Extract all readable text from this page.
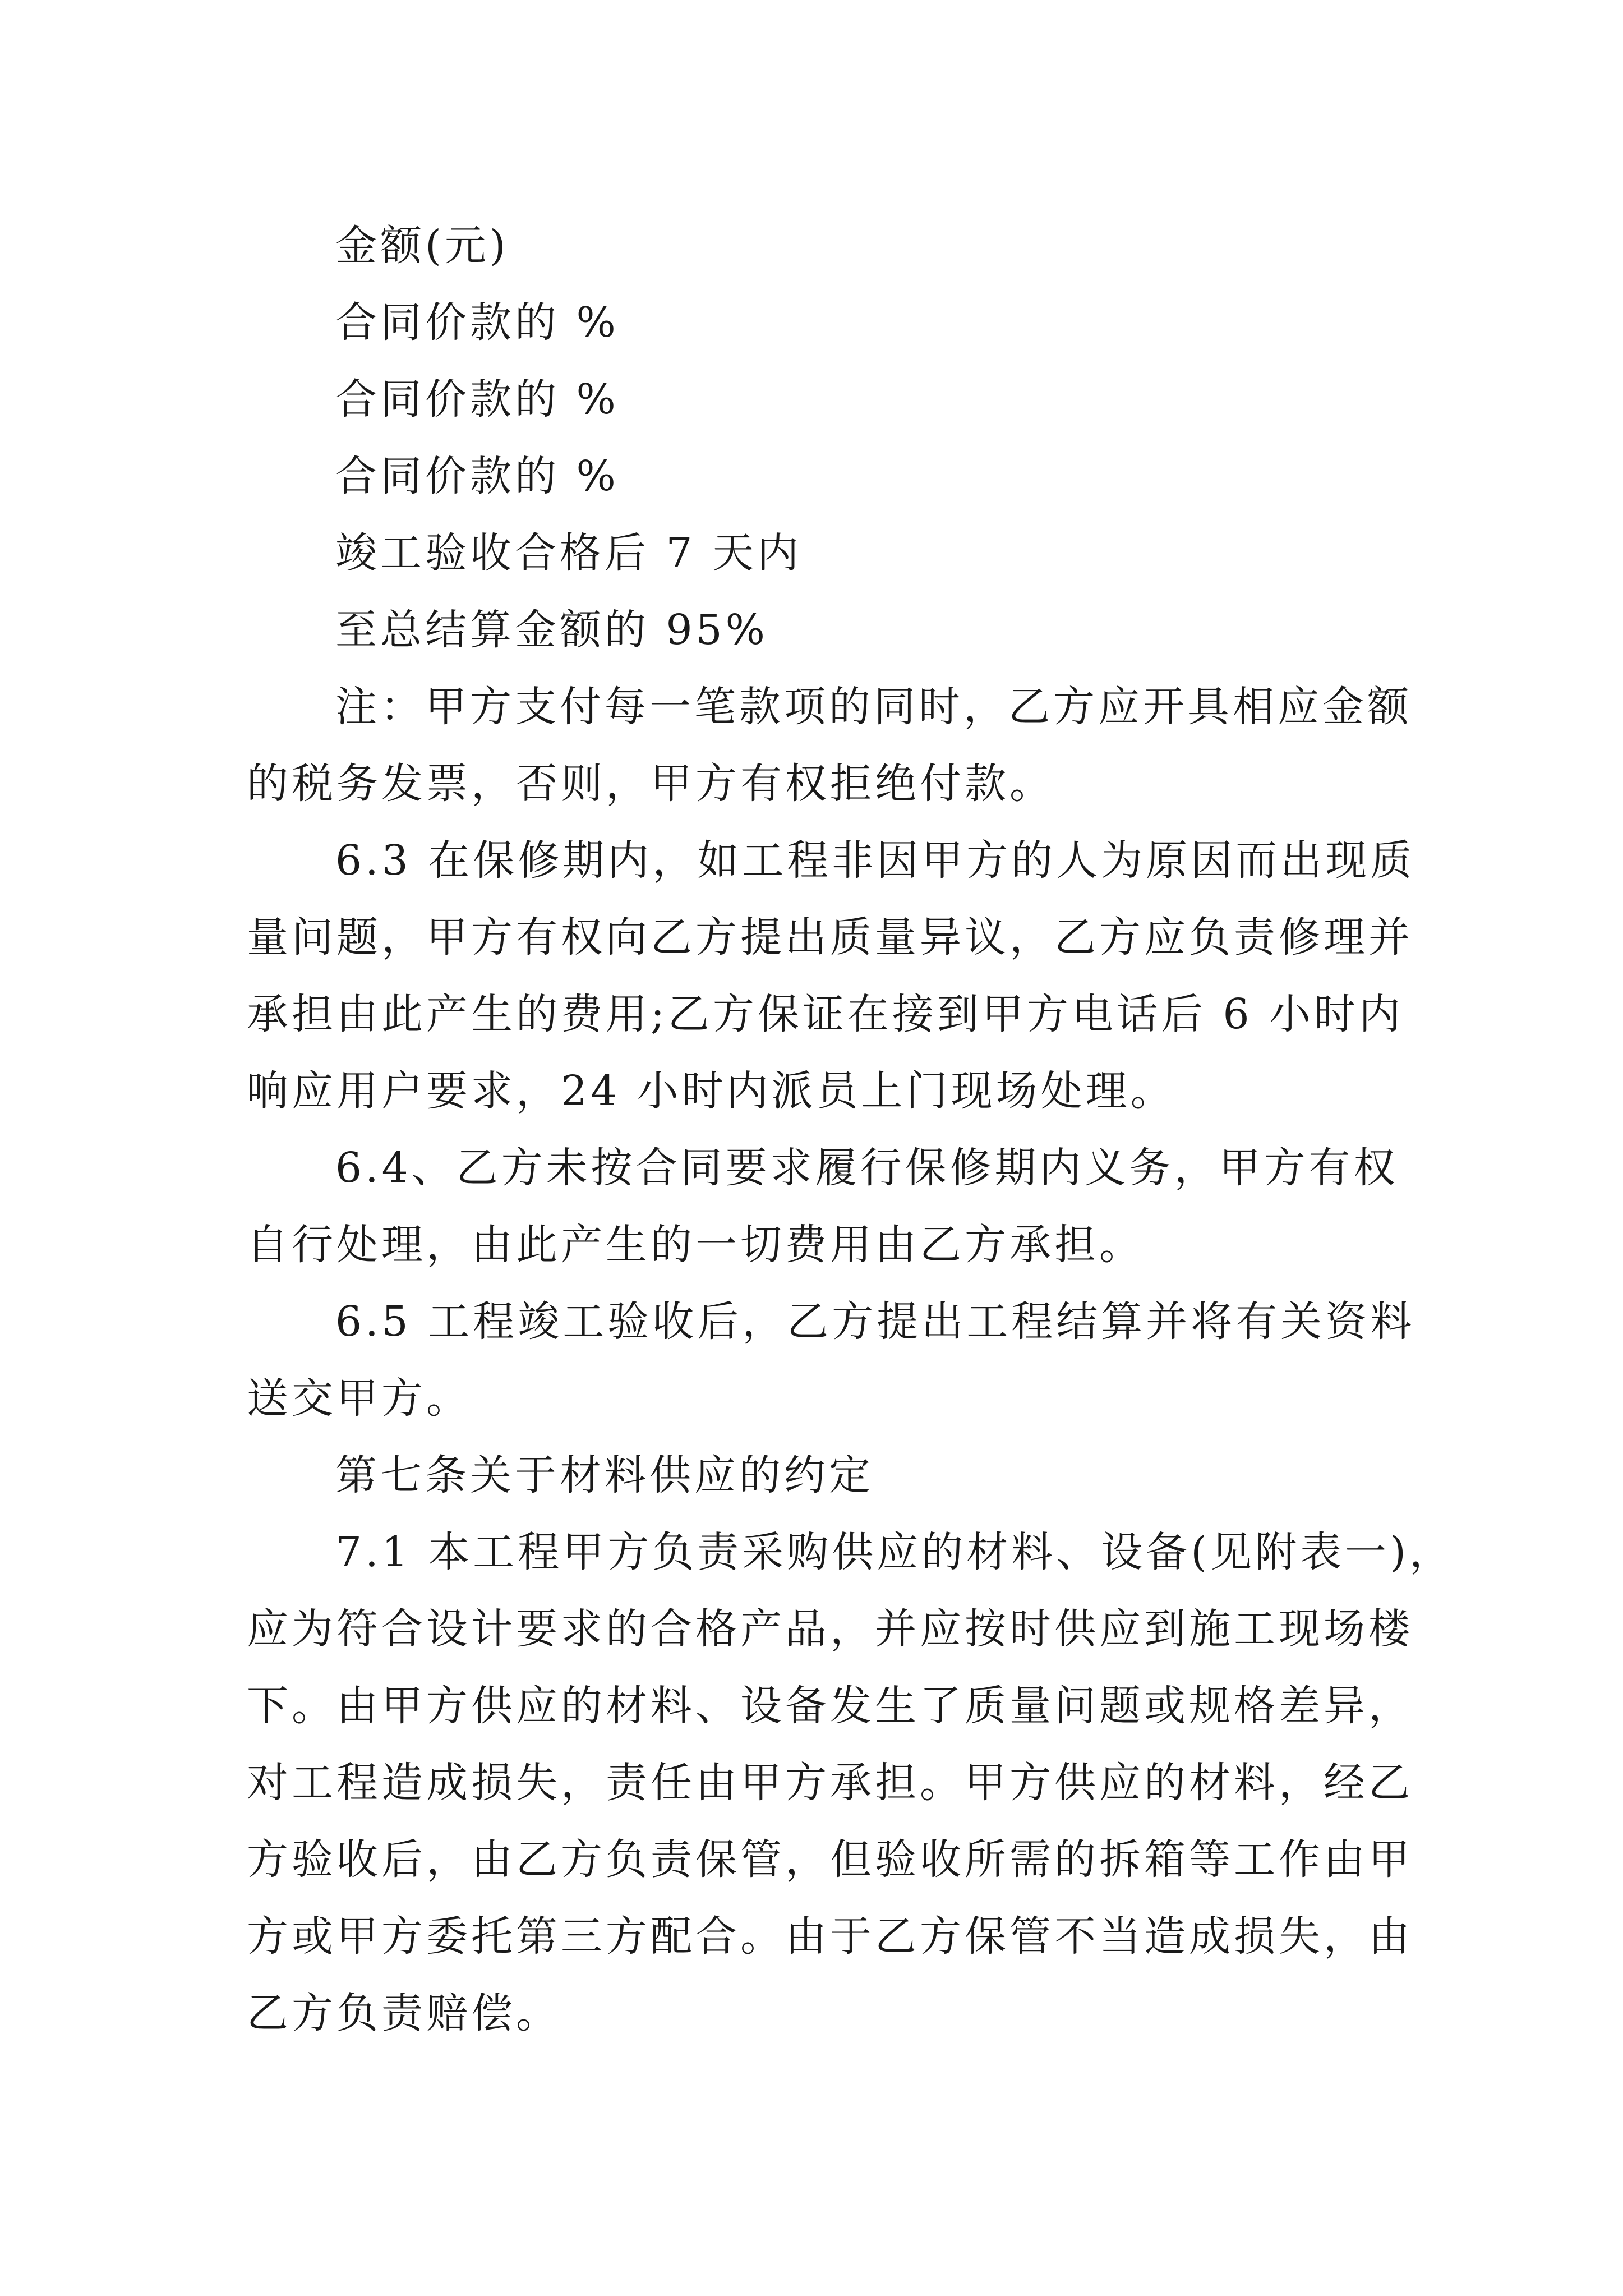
金额(元)
合同价款的 %
合同价款的 %
合同价款的 %
竣工验收合格后 7 天内
至总结算金额的 95%
注：甲方支付每一笔款项的同时，乙方应开具相应金额
的税务发票，否则，甲方有权拒绝付款。
6.3 在保修期内，如工程非因甲方的人为原因而出现质
量问题，甲方有权向乙方提出质量异议，乙方应负责修理并
承担由此产生的费用;乙方保证在接到甲方电话后 6 小时内
响应用户要求，24 小时内派员上门现场处理。
6.4、乙方未按合同要求履行保修期内义务，甲方有权
自行处理，由此产生的一切费用由乙方承担。
6.5 工程竣工验收后，乙方提出工程结算并将有关资料
送交甲方。
第七条关于材料供应的约定
7.1 本工程甲方负责采购供应的材料、设备(见附表一)，
应为符合设计要求的合格产品，并应按时供应到施工现场楼
下。由甲方供应的材料、设备发生了质量问题或规格差异，
对工程造成损失，责任由甲方承担。甲方供应的材料，经乙
方验收后，由乙方负责保管，但验收所需的拆箱等工作由甲
方或甲方委托第三方配合。由于乙方保管不当造成损失，由
乙方负责赔偿。
